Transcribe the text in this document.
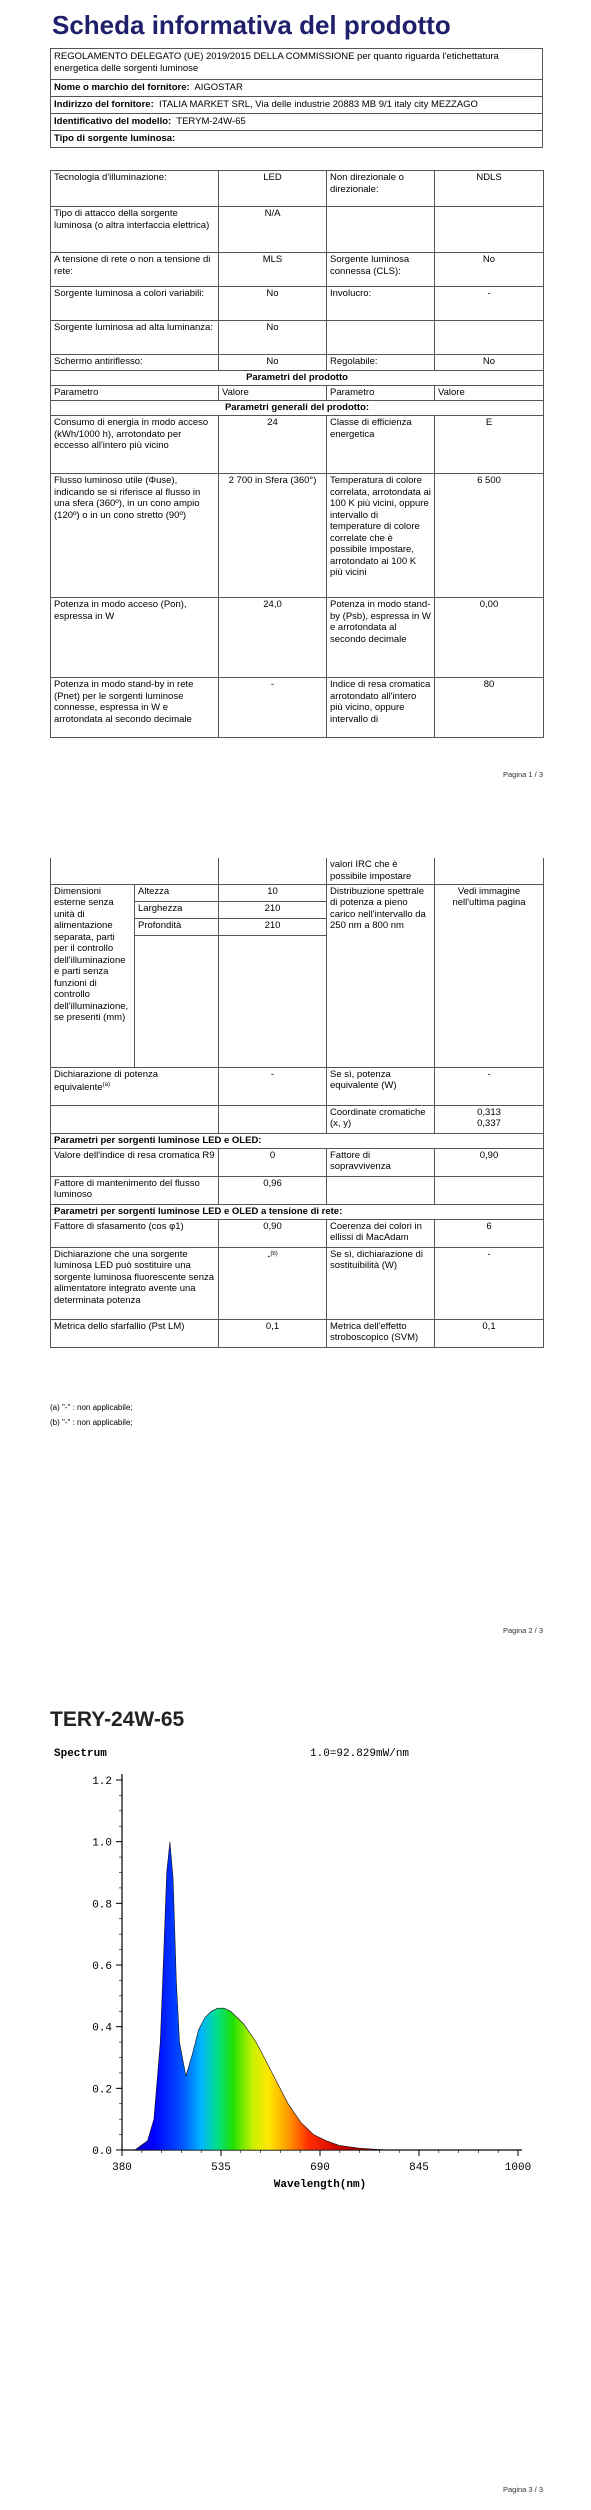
Scheda informativa del prodotto
REGOLAMENTO DELEGATO (UE) 2019/2015 DELLA COMMISSIONE per quanto riguarda l'etichettatura energetica delle sorgenti luminose
Nome o marchio del fornitore: AIGOSTAR
Indirizzo del fornitore: ITALIA MARKET SRL, Via delle industrie 20883 MB 9/1 italy city MEZZAGO
Identificativo del modello: TERYM-24W-65
Tipo di sorgente luminosa:
Tecnologia d'illuminazione:	LED	Non direzionale o direzionale:	NDLS
Tipo di attacco della sorgente luminosa (o altra interfaccia elettrica)	N/A		
A tensione di rete o non a tensione di rete:	MLS	Sorgente luminosa connessa (CLS):	No
Sorgente luminosa a colori variabili:	No	Involucro:	-
Sorgente luminosa ad alta luminanza:	No		
Schermo antiriflesso:	No	Regolabile:	No
Parametri del prodotto			
Parametro	Valore	Parametro	Valore
Parametri generali del prodotto:			
Consumo di energia in modo acceso (kWh/1000 h), arrotondato per eccesso all'intero più vicino	24	Classe di efficienza energetica	E
Flusso luminoso utile (Φuse), indicando se si riferisce al flusso in una sfera (360º), in un cono ampio (120º) o in un cono stretto (90º)	2 700 in Sfera (360°)	Temperatura di colore correlata, arrotondata ai 100 K più vicini, oppure intervallo di temperature di colore correlate che è possibile impostare, arrotondato ai 100 K più vicini	6 500
Potenza in modo acceso (Pon), espressa in W	24,0	Potenza in modo stand-by (Psb), espressa in W e arrotondata al secondo decimale	0,00
Potenza in modo stand-by in rete (Pnet) per le sorgenti luminose connesse, espressa in W e arrotondata al secondo decimale	-	Indice di resa cromatica arrotondato all'intero più vicino, oppure intervallo di	80
Pagina 1 / 3
			valori IRC che è possibile impostare	
Dimensioni esterne senza unità di alimentazione separata, parti per il controllo dell'illuminazione e parti senza funzioni di controllo dell'illuminazione, se presenti (mm)	Altezza	10	Distribuzione spettrale di potenza a pieno carico nell'intervallo da 250 nm a 800 nm	Vedi immagine nell'ultima pagina
	Larghezza	210		
	Profondità	210		

Dichiarazione di potenza equivalente$^{(a)}$		-	Se sì, potenza equivalente (W)	-
			Coordinate cromatiche (x, y)	0,313
0,337

Parametri per sorgenti luminose LED e OLED:				
Valore dell'indice di resa cromatica R9		0	Fattore di sopravvivenza	0,90
Fattore di mantenimento del flusso luminoso		0,96		
Parametri per sorgenti luminose LED e OLED a tensione di rete:				
Fattore di sfasamento (cos φ1)		0,90	Coerenza dei colori in ellissi di MacAdam	6
Dichiarazione che una sorgente luminosa LED può sostituire una sorgente luminosa fluorescente senza alimentatore integrato avente una determinata potenza		-$^{(b)}$	Se sì, dichiarazione di sostituibilità (W)	-
Metrica dello sfarfallio (Pst LM)		0,1	Metrica dell'effetto stroboscopico (SVM)	0,1
(a) "-" : non applicabile;
(b) "-" : non applicabile;
Pagina 2 / 3
TERY-24W-65
0.0
0.2
0.4
0.6
0.8
1.0
1.2
380	535	690	845	1000
Spectrum	1.0=92.829mW/nm
Wavelength(nm)
Pagina 3 / 3
